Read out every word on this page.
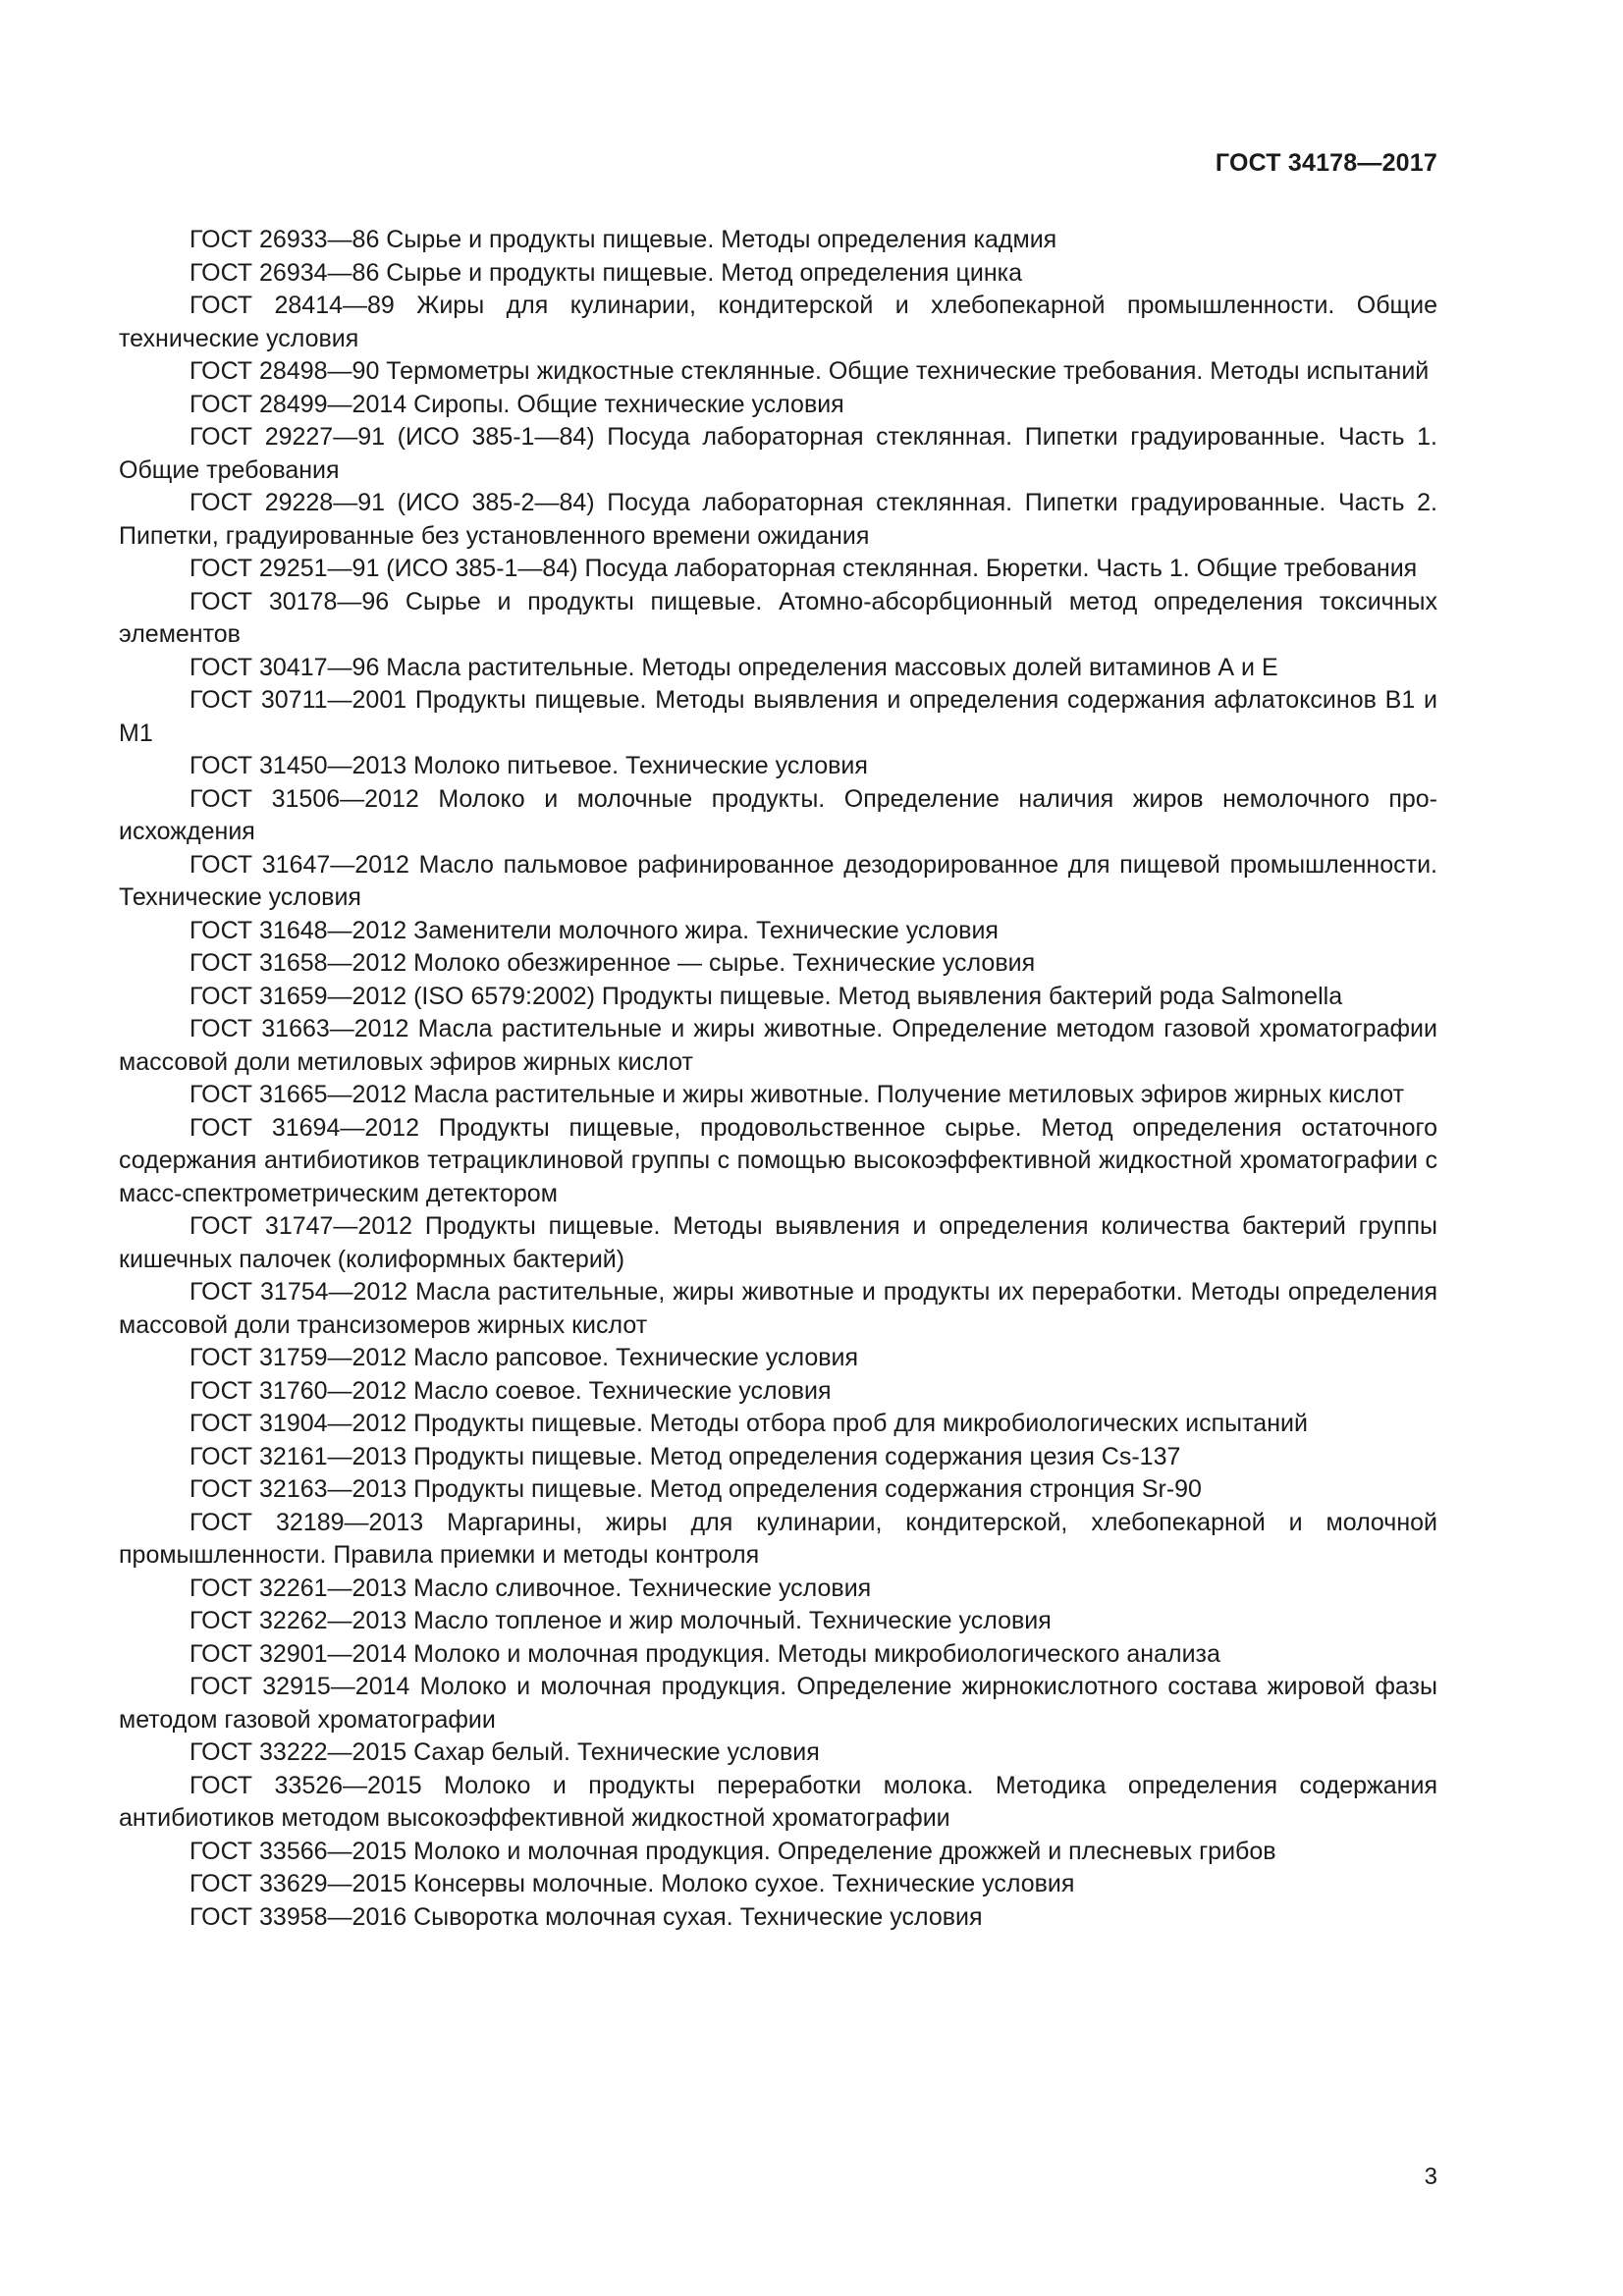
ГОСТ 34178—2017

ГОСТ 26933—86 Сырье и продукты пищевые. Методы определения кадмия

ГОСТ 26934—86 Сырье и продукты пищевые. Метод определения цинка

ГОСТ 28414—89 Жиры для кулинарии, кондитерской и хлебопекарной промышленности. Общие технические условия

ГОСТ 28498—90 Термометры жидкостные стеклянные. Общие технические требования. Методы испытаний

ГОСТ 28499—2014 Сиропы. Общие технические условия

ГОСТ 29227—91 (ИСО 385-1—84) Посуда лабораторная стеклянная. Пипетки градуированные. Часть 1. Общие требования

ГОСТ 29228—91 (ИСО 385-2—84) Посуда лабораторная стеклянная. Пипетки градуированные. Часть 2. Пипетки, градуированные без установленного времени ожидания

ГОСТ 29251—91 (ИСО 385-1—84) Посуда лабораторная стеклянная. Бюретки. Часть 1. Общие требования

ГОСТ 30178—96 Сырье и продукты пищевые. Атомно-абсорбционный метод определения токсичных элементов

ГОСТ 30417—96 Масла растительные. Методы определения массовых долей витаминов А и Е

ГОСТ 30711—2001 Продукты пищевые. Методы выявления и определения содержания афлатоксинов В1 и М1

ГОСТ 31450—2013 Молоко питьевое. Технические условия

ГОСТ 31506—2012 Молоко и молочные продукты. Определение наличия жиров немолочного происхождения

ГОСТ 31647—2012 Масло пальмовое рафинированное дезодорированное для пищевой промышленности. Технические условия

ГОСТ 31648—2012 Заменители молочного жира. Технические условия

ГОСТ 31658—2012 Молоко обезжиренное — сырье. Технические условия

ГОСТ 31659—2012 (ISO 6579:2002) Продукты пищевые. Метод выявления бактерий рода Salmonella

ГОСТ 31663—2012 Масла растительные и жиры животные. Определение методом газовой хроматографии массовой доли метиловых эфиров жирных кислот

ГОСТ 31665—2012 Масла растительные и жиры животные. Получение метиловых эфиров жирных кислот

ГОСТ 31694—2012 Продукты пищевые, продовольственное сырье. Метод определения остаточного содержания антибиотиков тетрациклиновой группы с помощью высокоэффективной жидкостной хроматографии с масс-спектрометрическим детектором

ГОСТ 31747—2012 Продукты пищевые. Методы выявления и определения количества бактерий группы кишечных палочек (колиформных бактерий)

ГОСТ 31754—2012 Масла растительные, жиры животные и продукты их переработки. Методы определения массовой доли трансизомеров жирных кислот

ГОСТ 31759—2012 Масло рапсовое. Технические условия

ГОСТ 31760—2012 Масло соевое. Технические условия

ГОСТ 31904—2012 Продукты пищевые. Методы отбора проб для микробиологических испытаний

ГОСТ 32161—2013 Продукты пищевые. Метод определения содержания цезия Cs-137

ГОСТ 32163—2013 Продукты пищевые. Метод определения содержания стронция Sr-90

ГОСТ 32189—2013 Маргарины, жиры для кулинарии, кондитерской, хлебопекарной и молочной промышленности. Правила приемки и методы контроля

ГОСТ 32261—2013 Масло сливочное. Технические условия

ГОСТ 32262—2013 Масло топленое и жир молочный. Технические условия

ГОСТ 32901—2014 Молоко и молочная продукция. Методы микробиологического анализа

ГОСТ 32915—2014 Молоко и молочная продукция. Определение жирнокислотного состава жировой фазы методом газовой хроматографии

ГОСТ 33222—2015 Сахар белый. Технические условия

ГОСТ 33526—2015 Молоко и продукты переработки молока. Методика определения содержания антибиотиков методом высокоэффективной жидкостной хроматографии

ГОСТ 33566—2015 Молоко и молочная продукция. Определение дрожжей и плесневых грибов

ГОСТ 33629—2015 Консервы молочные. Молоко сухое. Технические условия

ГОСТ 33958—2016 Сыворотка молочная сухая. Технические условия

3
